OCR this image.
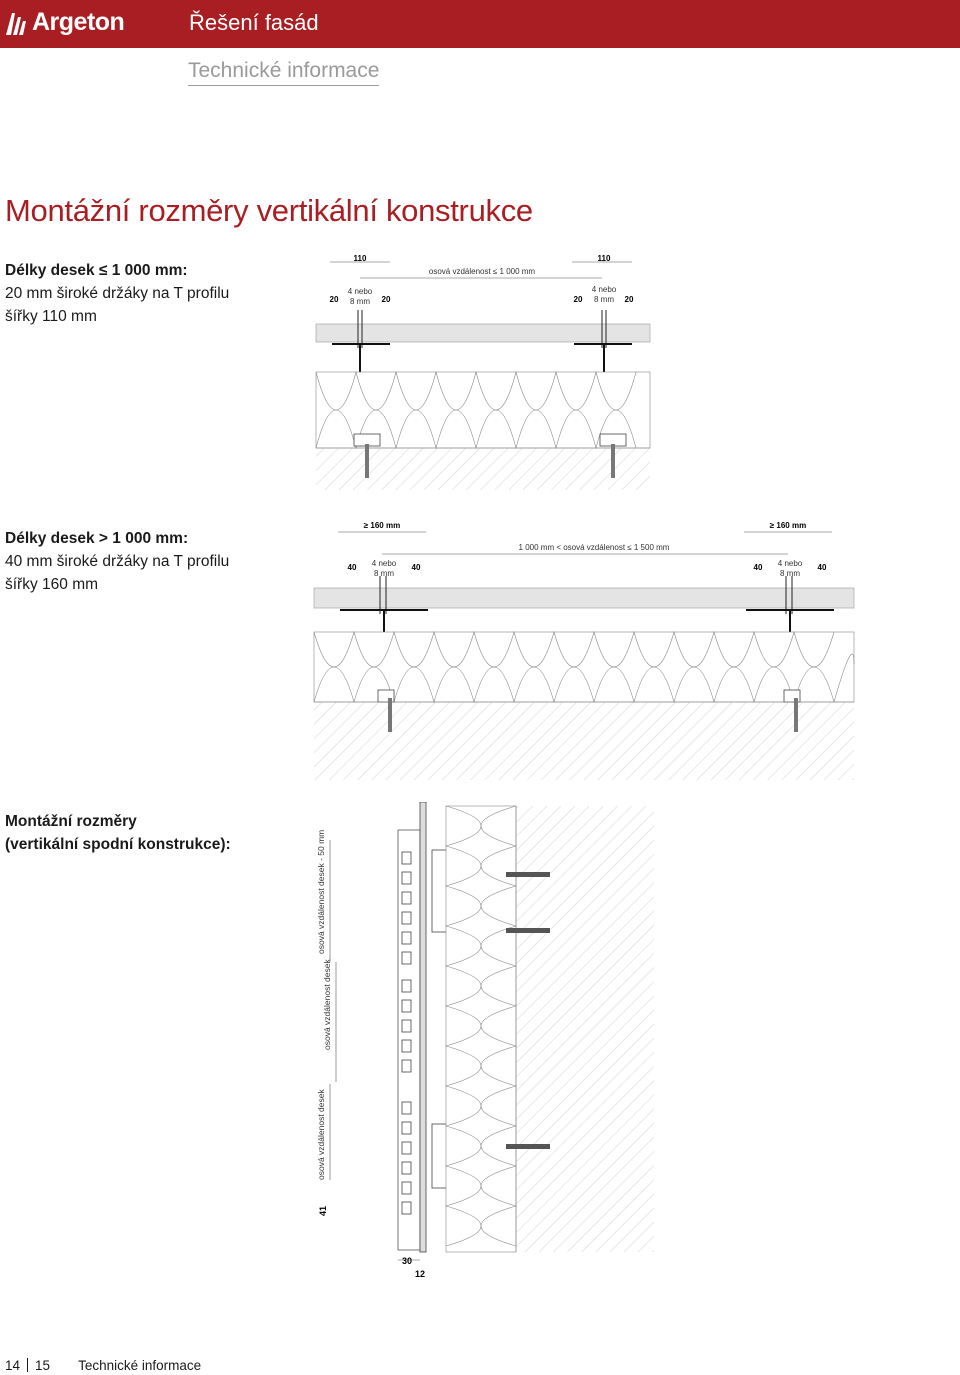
Argeton	Řešení fasád
Technické informace
Montážní rozměry vertikální konstrukce
Délky desek ≤ 1 000 mm:
20 mm široké držáky na T profilu
šířky 110 mm
110	110
osová vzdálenost ≤ 1 000 mm
20	20	20	20
4 nebo
8 mm
4 nebo
8 mm
Délky desek > 1 000 mm:
40 mm široké držáky na T profilu
šířky 160 mm
≥ 160 mm	≥ 160 mm
1 000 mm < osová vzdálenost ≤ 1 500 mm
40	40	40	40
4 nebo
8 mm
4 nebo
8 mm
Montážní rozměry
(vertikální spodní konstrukce):	osová vzdálenost desek - 50 mm
osová vzdálenost desek
osová vzdálenost desek
41
30
12
14 15 Technické informace
